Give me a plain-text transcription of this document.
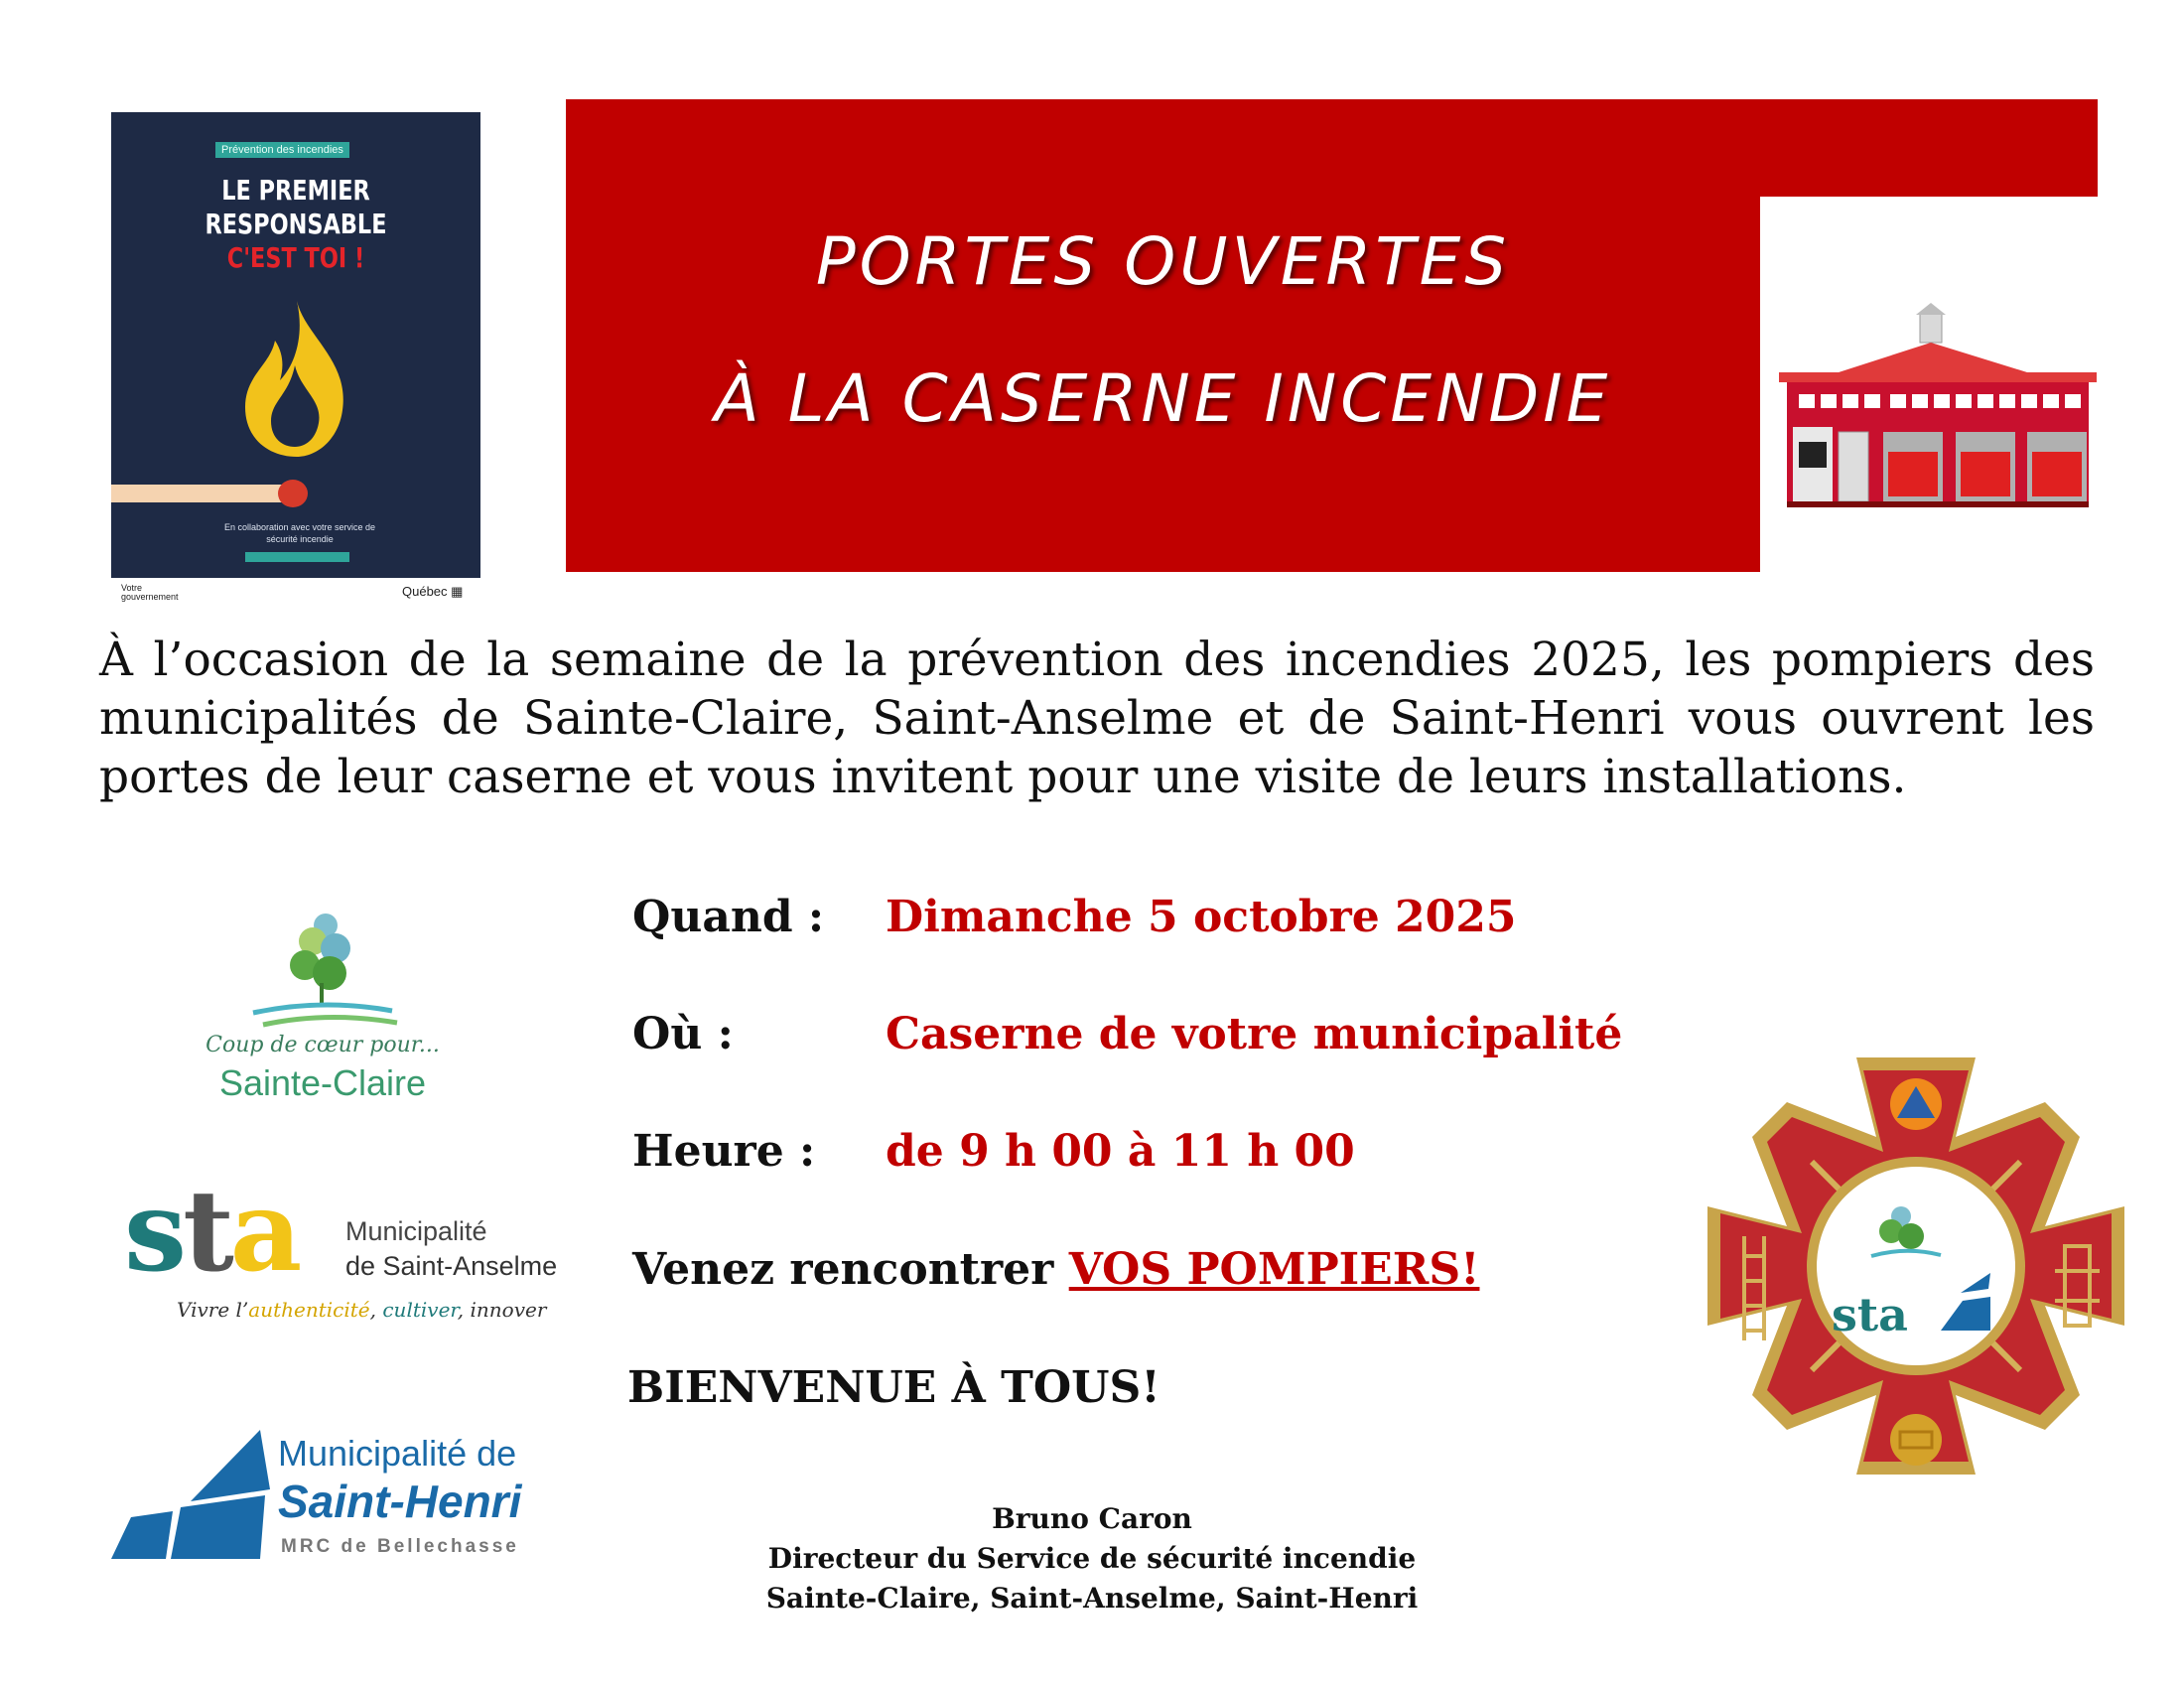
Prévention des incendies
LE PREMIER
RESPONSABLE
C'EST TOI !
En collaboration avec votre service de sécurité incendie
Votre
gouvernement	Québec ▦
PORTES OUVERTES
À LA CASERNE INCENDIE
À l’occasion de la semaine de la prévention des incendies 2025, les pompiers des municipalités de Sainte-Claire, Saint-Anselme et de Saint-Henri vous ouvrent les portes de leur caserne et vous invitent pour une visite de leurs installations.
Coup de cœur pour...
Sainte-Claire
sta Municipalité
de Saint-Anselme
Vivre l’authenticité, cultiver, innover
Municipalité de
Saint-Henri
MRC de Bellechasse
Quand : Dimanche 5 octobre 2025
Où :	Caserne de votre municipalité
Heure : de 9 h 00 à 11 h 00
Venez rencontrer VOS POMPIERS!
BIENVENUE À TOUS!
Bruno Caron
Directeur du Service de sécurité incendie
Sainte-Claire, Saint-Anselme, Saint-Henri
sta
